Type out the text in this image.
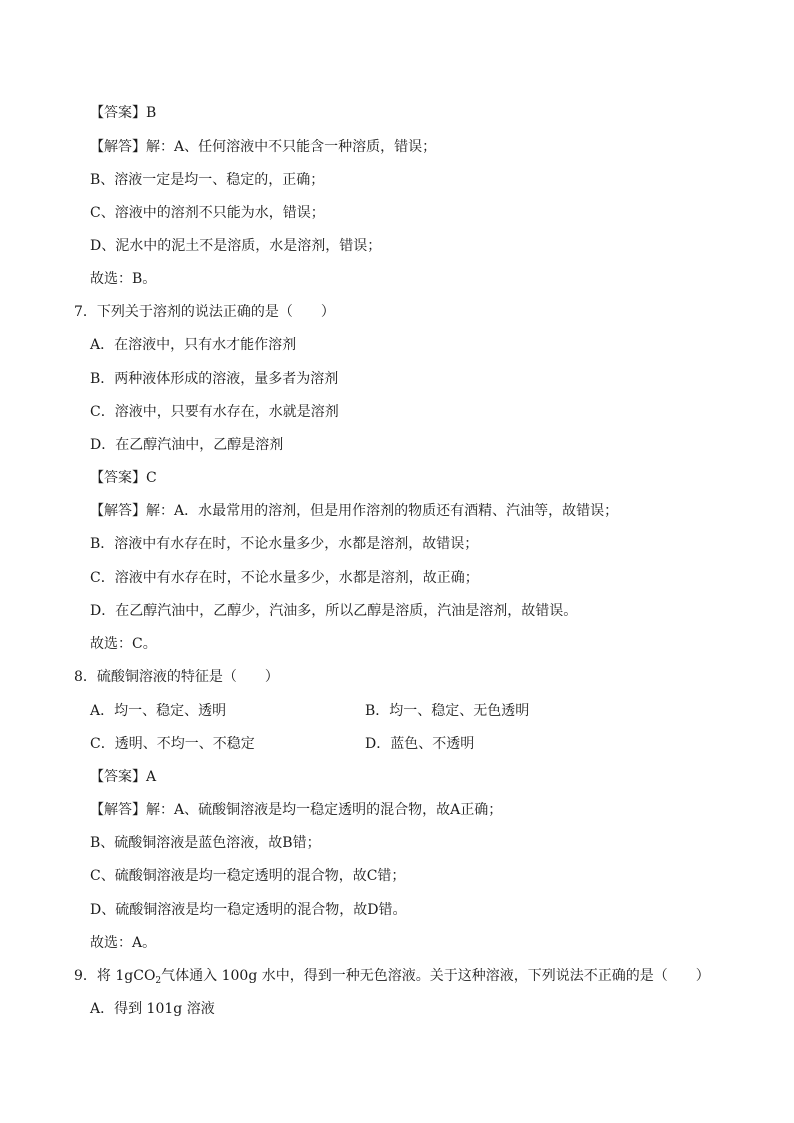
【答案】B
【解答】解：A、任何溶液中不只能含一种溶质，错误；
B、溶液一定是均一、稳定的，正确；
C、溶液中的溶剂不只能为水，错误；
D、泥水中的泥土不是溶质，水是溶剂，错误；
故选：B。
7．下列关于溶剂的说法正确的是（　　）
A．在溶液中，只有水才能作溶剂
B．两种液体形成的溶液，量多者为溶剂
C．溶液中，只要有水存在，水就是溶剂
D．在乙醇汽油中，乙醇是溶剂
【答案】C
【解答】解：A．水最常用的溶剂，但是用作溶剂的物质还有酒精、汽油等，故错误；
B．溶液中有水存在时，不论水量多少，水都是溶剂，故错误；
C．溶液中有水存在时，不论水量多少，水都是溶剂，故正确；
D．在乙醇汽油中，乙醇少，汽油多，所以乙醇是溶质，汽油是溶剂，故错误。
故选：C。
8．硫酸铜溶液的特征是（　　）
A．均一、稳定、透明	B．均一、稳定、无色透明
C．透明、不均一、不稳定	D．蓝色、不透明
【答案】A
【解答】解：A、硫酸铜溶液是均一稳定透明的混合物，故A正确；
B、硫酸铜溶液是蓝色溶液，故B错；
C、硫酸铜溶液是均一稳定透明的混合物，故C错；
D、硫酸铜溶液是均一稳定透明的混合物，故D错。
故选：A。
9．将 1gCO$_2$气体通入 100g 水中，得到一种无色溶液。关于这种溶液，下列说法不正确的是（　　）
A．得到 101g 溶液
